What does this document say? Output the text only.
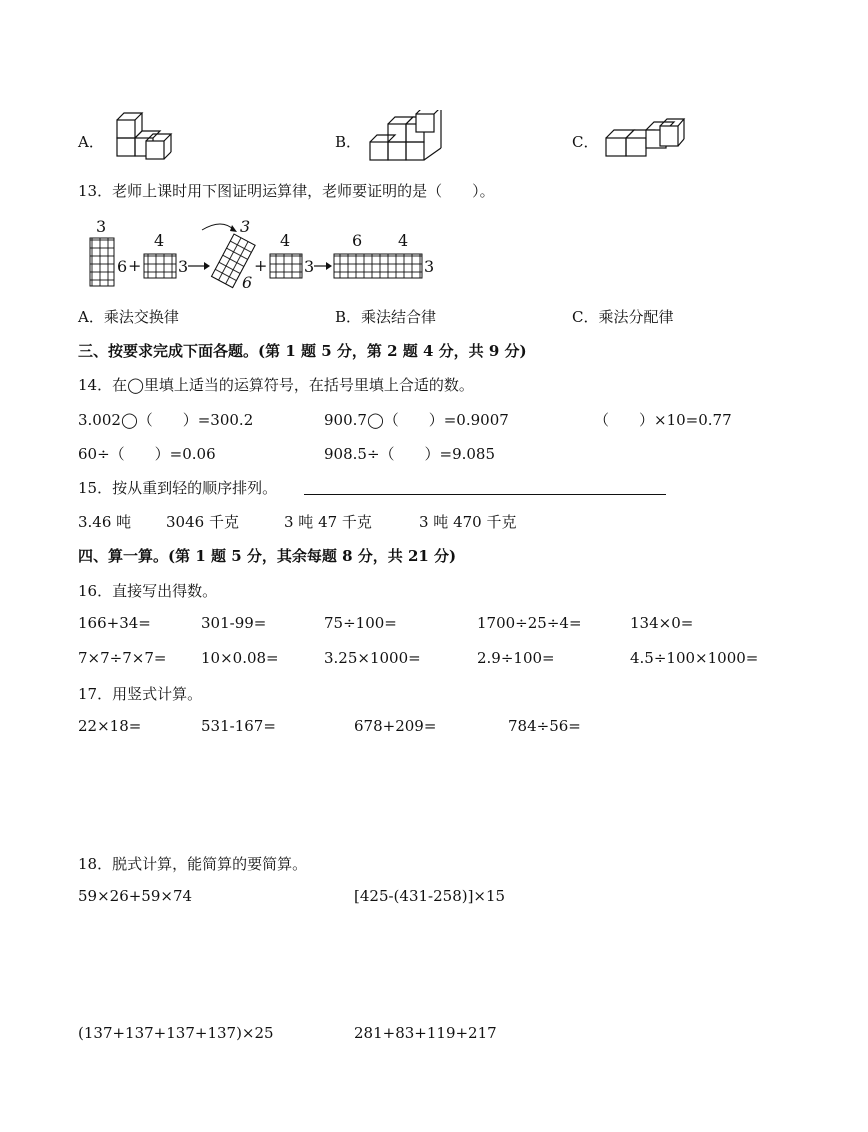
A．	B．	C．
13．老师上课时用下图证明运算律，老师要证明的是（　　）。
3
6 +
4
3
3
6
+
4
3
6 4
3
A．乘法交换律	B．乘法结合律	C．乘法分配律
三、按要求完成下面各题。(第 1 题 5 分，第 2 题 4 分，共 9 分)
14．在◯里填上适当的运算符号，在括号里填上合适的数。
3.002◯（　　）=300.2	900.7◯（　　）=0.9007	（　　）×10=0.77
60÷（　　）=0.06	908.5÷（　　）=9.085
15．按从重到轻的顺序排列。
3.46 吨 3046 千克	3 吨 47 千克	3 吨 470 千克
四、算一算。(第 1 题 5 分，其余每题 8 分，共 21 分)
16．直接写出得数。
166+34=	301-99=	75÷100=	1700÷25÷4=	134×0=
7×7÷7×7= 10×0.08=	3.25×1000=	2.9÷100=	4.5÷100×1000=
17．用竖式计算。
22×18=	531-167=	678+209=	784÷56=
18．脱式计算，能简算的要简算。
59×26+59×74	[425-(431-258)]×15
(137+137+137+137)×25	281+83+119+217
